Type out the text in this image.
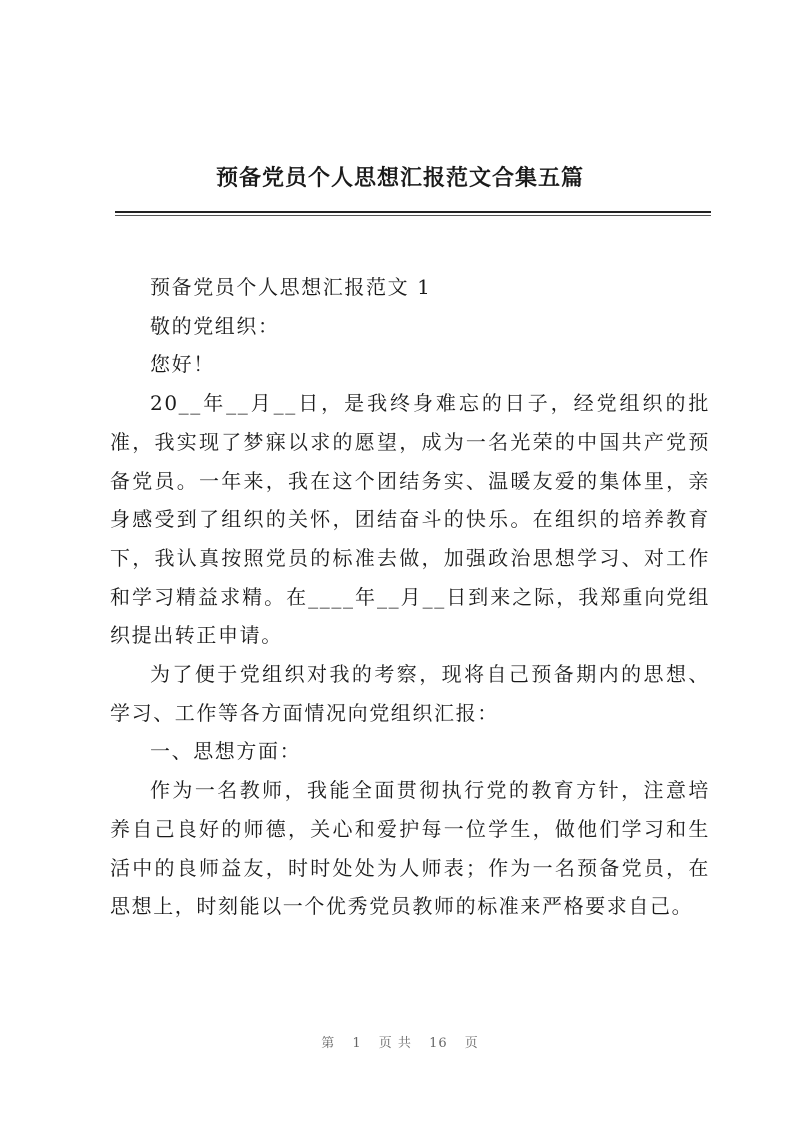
预备党员个人思想汇报范文合集五篇

预备党员个人思想汇报范文 1

敬的党组织：

您好！

20__年__月__日，是我终身难忘的日子，经党组织的批准，我实现了梦寐以求的愿望，成为一名光荣的中国共产党预备党员。一年来，我在这个团结务实、温暖友爱的集体里，亲身感受到了组织的关怀，团结奋斗的快乐。在组织的培养教育下，我认真按照党员的标准去做，加强政治思想学习、对工作和学习精益求精。在____年__月__日到来之际，我郑重向党组织提出转正申请。

为了便于党组织对我的考察，现将自己预备期内的思想、学习、工作等各方面情况向党组织汇报：

一、思想方面：

作为一名教师，我能全面贯彻执行党的教育方针，注意培养自己良好的师德，关心和爱护每一位学生，做他们学习和生活中的良师益友，时时处处为人师表；作为一名预备党员，在思想上，时刻能以一个优秀党员教师的标准来严格要求自己。

第 1 页 共 16 页
